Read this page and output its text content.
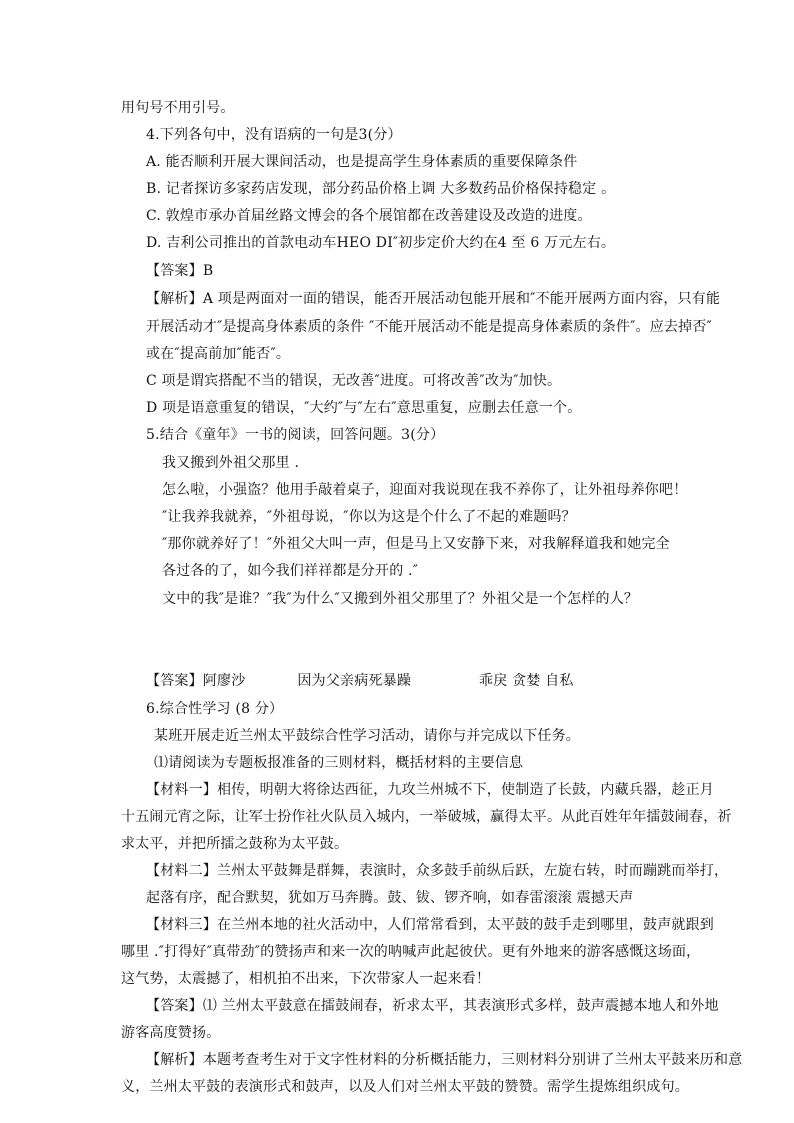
用句号不用引号。
4.下列各句中，没有语病的一句是3(分）
A. 能否顺利开展大课间活动，也是提高学生身体素质的重要保障条件
B. 记者探访多家药店发现，部分药品价格上调 大多数药品价格保持稳定 。
C. 敦煌市承办首届丝路文博会的各个展馆都在改善建设及改造的进度。
D. 吉利公司推出的首款电动车ΗΕΟ DI″初步定价大约在4 至 6 万元左右。
【答案】B
【解析】A 项是两面对一面的错误，能否开展活动包能开展和″不能开展两方面内容，只有能
开展活动才″是提高身体素质的条件 ″不能开展活动不能是提高身体素质的条件″。应去掉否″
或在″提高前加″能否″。
C 项是谓宾搭配不当的错误，无改善″进度。可将改善″改为″加快。
D 项是语意重复的错误，″大约″与″左右″意思重复，应删去任意一个。
5.结合《童年》一书的阅读，回答问题。3(分）
我又搬到外祖父那里 .
怎么啦，小强盗？他用手敲着桌子，迎面对我说现在我不养你了，让外祖母养你吧！
″让我养我就养，″外祖母说，″你以为这是个什么了不起的难题吗？
″那你就养好了！″外祖父大叫一声，但是马上又安静下来，对我解释道我和她完全
各过各的了，如今我们祥祥都是分开的 .″
文中的我″是谁？″我″为什么″又搬到外祖父那里了？外祖父是一个怎样的人？
【答案】阿廖沙	因为父亲病死暴躁	乖戾 贪婪 自私
6.综合性学习 (8 分）
某班开展走近兰州太平鼓综合性学习活动，请你与并完成以下任务。
⑴请阅读为专题板报准备的三则材料，概括材料的主要信息
【材料一】相传，明朝大将徐达西征，九攻兰州城不下，使制造了长鼓，内藏兵器，趁正月
十五闹元宵之际，让军士扮作社火队员入城内，一举破城，赢得太平。从此百姓年年擂鼓闹春，祈
求太平，并把所擂之鼓称为太平鼓。
【材料二】兰州太平鼓舞是群舞，表演时，众多鼓手前纵后跃，左旋右转，时而蹦跳而举打，
起落有序，配合默契，犹如万马奔腾。鼓、钹、锣齐响，如春雷滚滚 震撼天声
【材料三】在兰州本地的社火活动中，人们常常看到，太平鼓的鼓手走到哪里，鼓声就跟到
哪里 .″打得好″真带劲″的赞扬声和来一次的呐喊声此起彼伏。更有外地来的游客感慨这场面，
这气势，太震撼了，相机拍不出来，下次带家人一起来看！
【答案】⑴ 兰州太平鼓意在擂鼓闹春，祈求太平，其表演形式多样，鼓声震撼本地人和外地
游客高度赞扬。
【解析】本题考查考生对于文字性材料的分析概括能力，三则材料分别讲了兰州太平鼓来历和意
义，兰州太平鼓的表演形式和鼓声，以及人们对兰州太平鼓的赞赞。需学生提炼组织成句。
